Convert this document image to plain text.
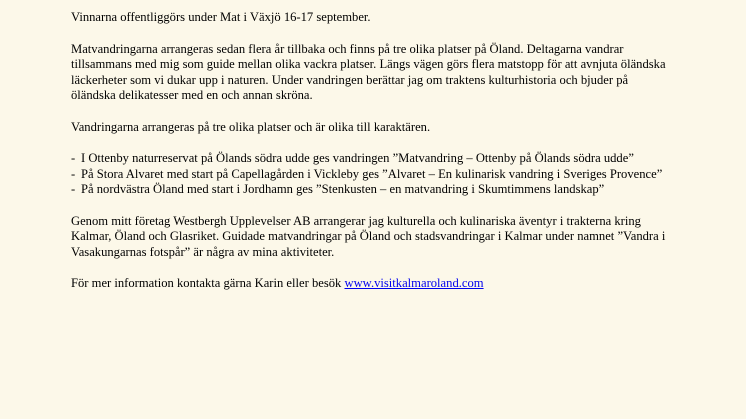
Vinnarna offentliggörs under Mat i Växjö 16-17 september.

Matvandringarna arrangeras sedan flera år tillbaka och finns på tre olika platser på Öland. Deltagarna vandrar tillsammans med mig som guide mellan olika vackra platser. Längs vägen görs flera matstopp för att avnjuta öländska läckerheter som vi dukar upp i naturen. Under vandringen berättar jag om traktens kulturhistoria och bjuder på öländska delikatesser med en och annan skröna.

Vandringarna arrangeras på tre olika platser och är olika till karaktären.

- I Ottenby naturreservat på Ölands södra udde ges vandringen ”Matvandring – Ottenby på Ölands södra udde”
- På Stora Alvaret med start på Capellagården i Vickleby ges ”Alvaret – En kulinarisk vandring i Sveriges Provence”
- På nordvästra Öland med start i Jordhamn ges ”Stenkusten – en matvandring i Skumtimmens landskap”

Genom mitt företag Westbergh Upplevelser AB arrangerar jag kulturella och kulinariska äventyr i trakterna kring Kalmar, Öland och Glasriket. Guidade matvandringar på Öland och stadsvandringar i Kalmar under namnet ”Vandra i Vasakungarnas fotspår” är några av mina aktiviteter.

För mer information kontakta gärna Karin eller besök www.visitkalmaroland.com
